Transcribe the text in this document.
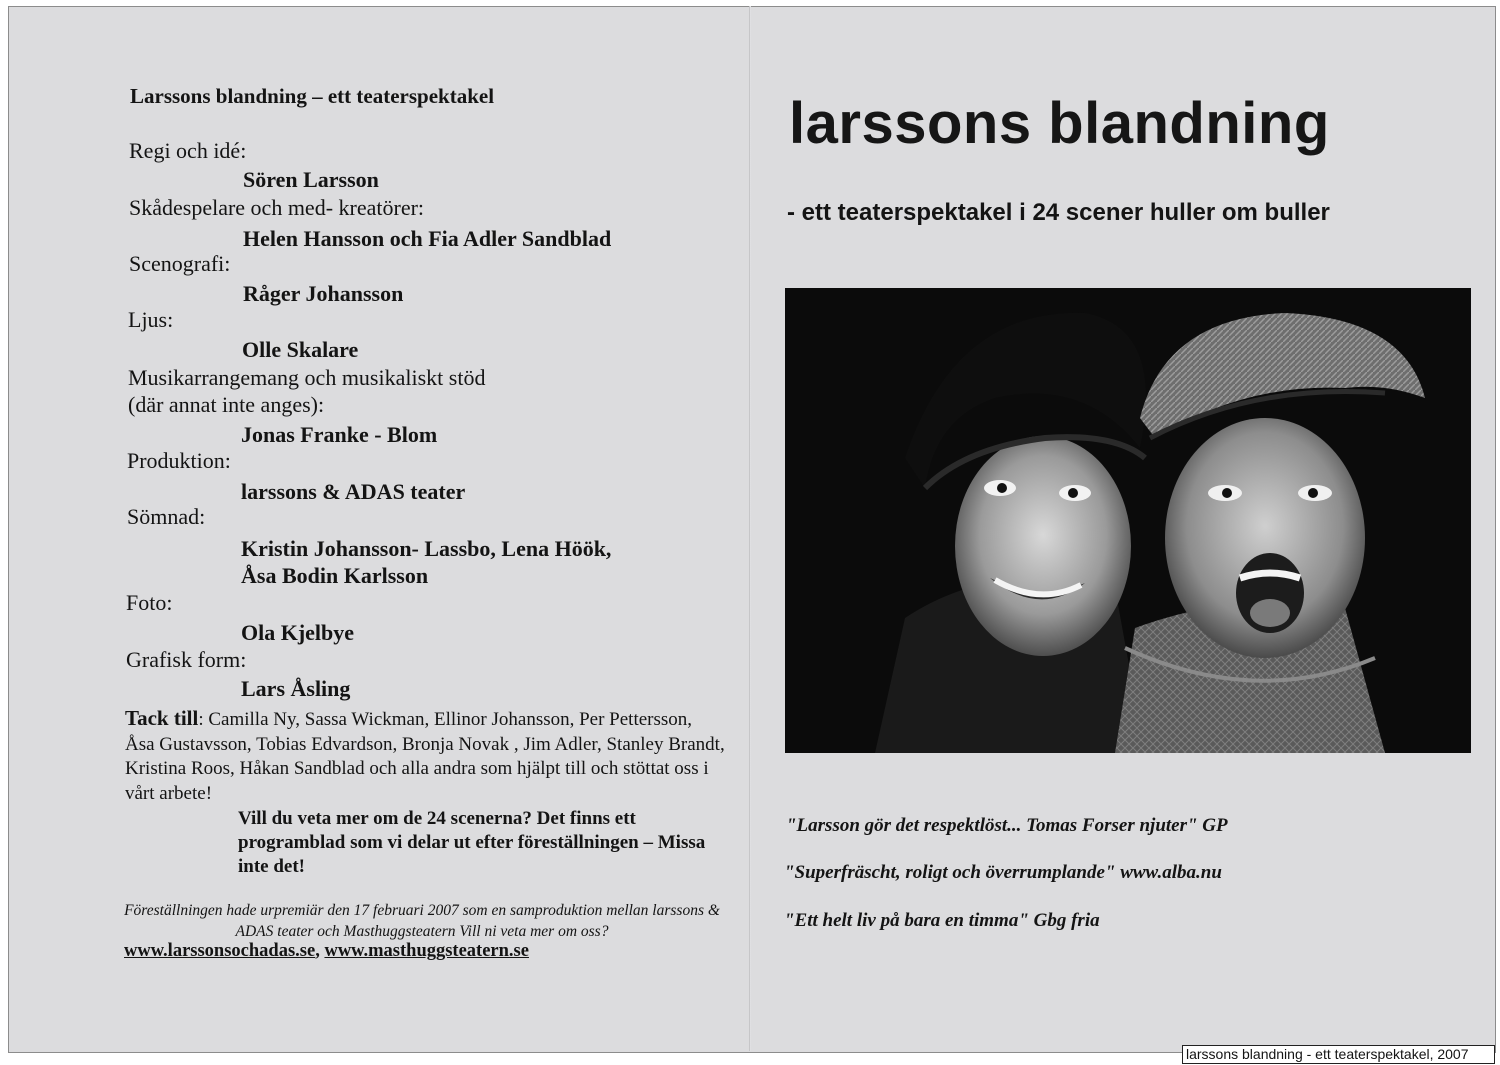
Larssons blandning – ett teaterspektakel
Regi och idé:
Sören Larsson
Skådespelare och med- kreatörer:
Helen Hansson och Fia Adler Sandblad
Scenografi:
Råger Johansson
Ljus:
Olle Skalare
Musikarrangemang och musikaliskt stöd
(där annat inte anges):
Jonas Franke - Blom
Produktion:
larssons & ADAS teater
Sömnad:
Kristin Johansson- Lassbo, Lena Höök,
Åsa Bodin Karlsson
Foto:
Ola Kjelbye
Grafisk form:
Lars Åsling
Tack till: Camilla Ny, Sassa Wickman, Ellinor Johansson, Per Pettersson, Åsa Gustavsson, Tobias Edvardson, Bronja Novak , Jim Adler, Stanley Brandt, Kristina Roos, Håkan Sandblad och alla andra som hjälpt till och stöttat oss i vårt arbete!
Vill du veta mer om de 24 scenerna? Det finns ett programblad som vi delar ut efter föreställningen – Missa inte det!
Föreställningen hade urpremiär den 17 februari 2007 som en samproduktion mellan larssons & ADAS teater och Masthuggsteatern Vill ni veta mer om oss?
www.larssonsochadas.se, www.masthuggsteatern.se
larssons blandning
- ett teaterspektakel i 24 scener huller om buller
"Larsson gör det respektlöst... Tomas Forser njuter" GP
"Superfräscht, roligt och överrumplande" www.alba.nu
"Ett helt liv på bara en timma" Gbg fria
larssons blandning - ett teaterspektakel, 2007
